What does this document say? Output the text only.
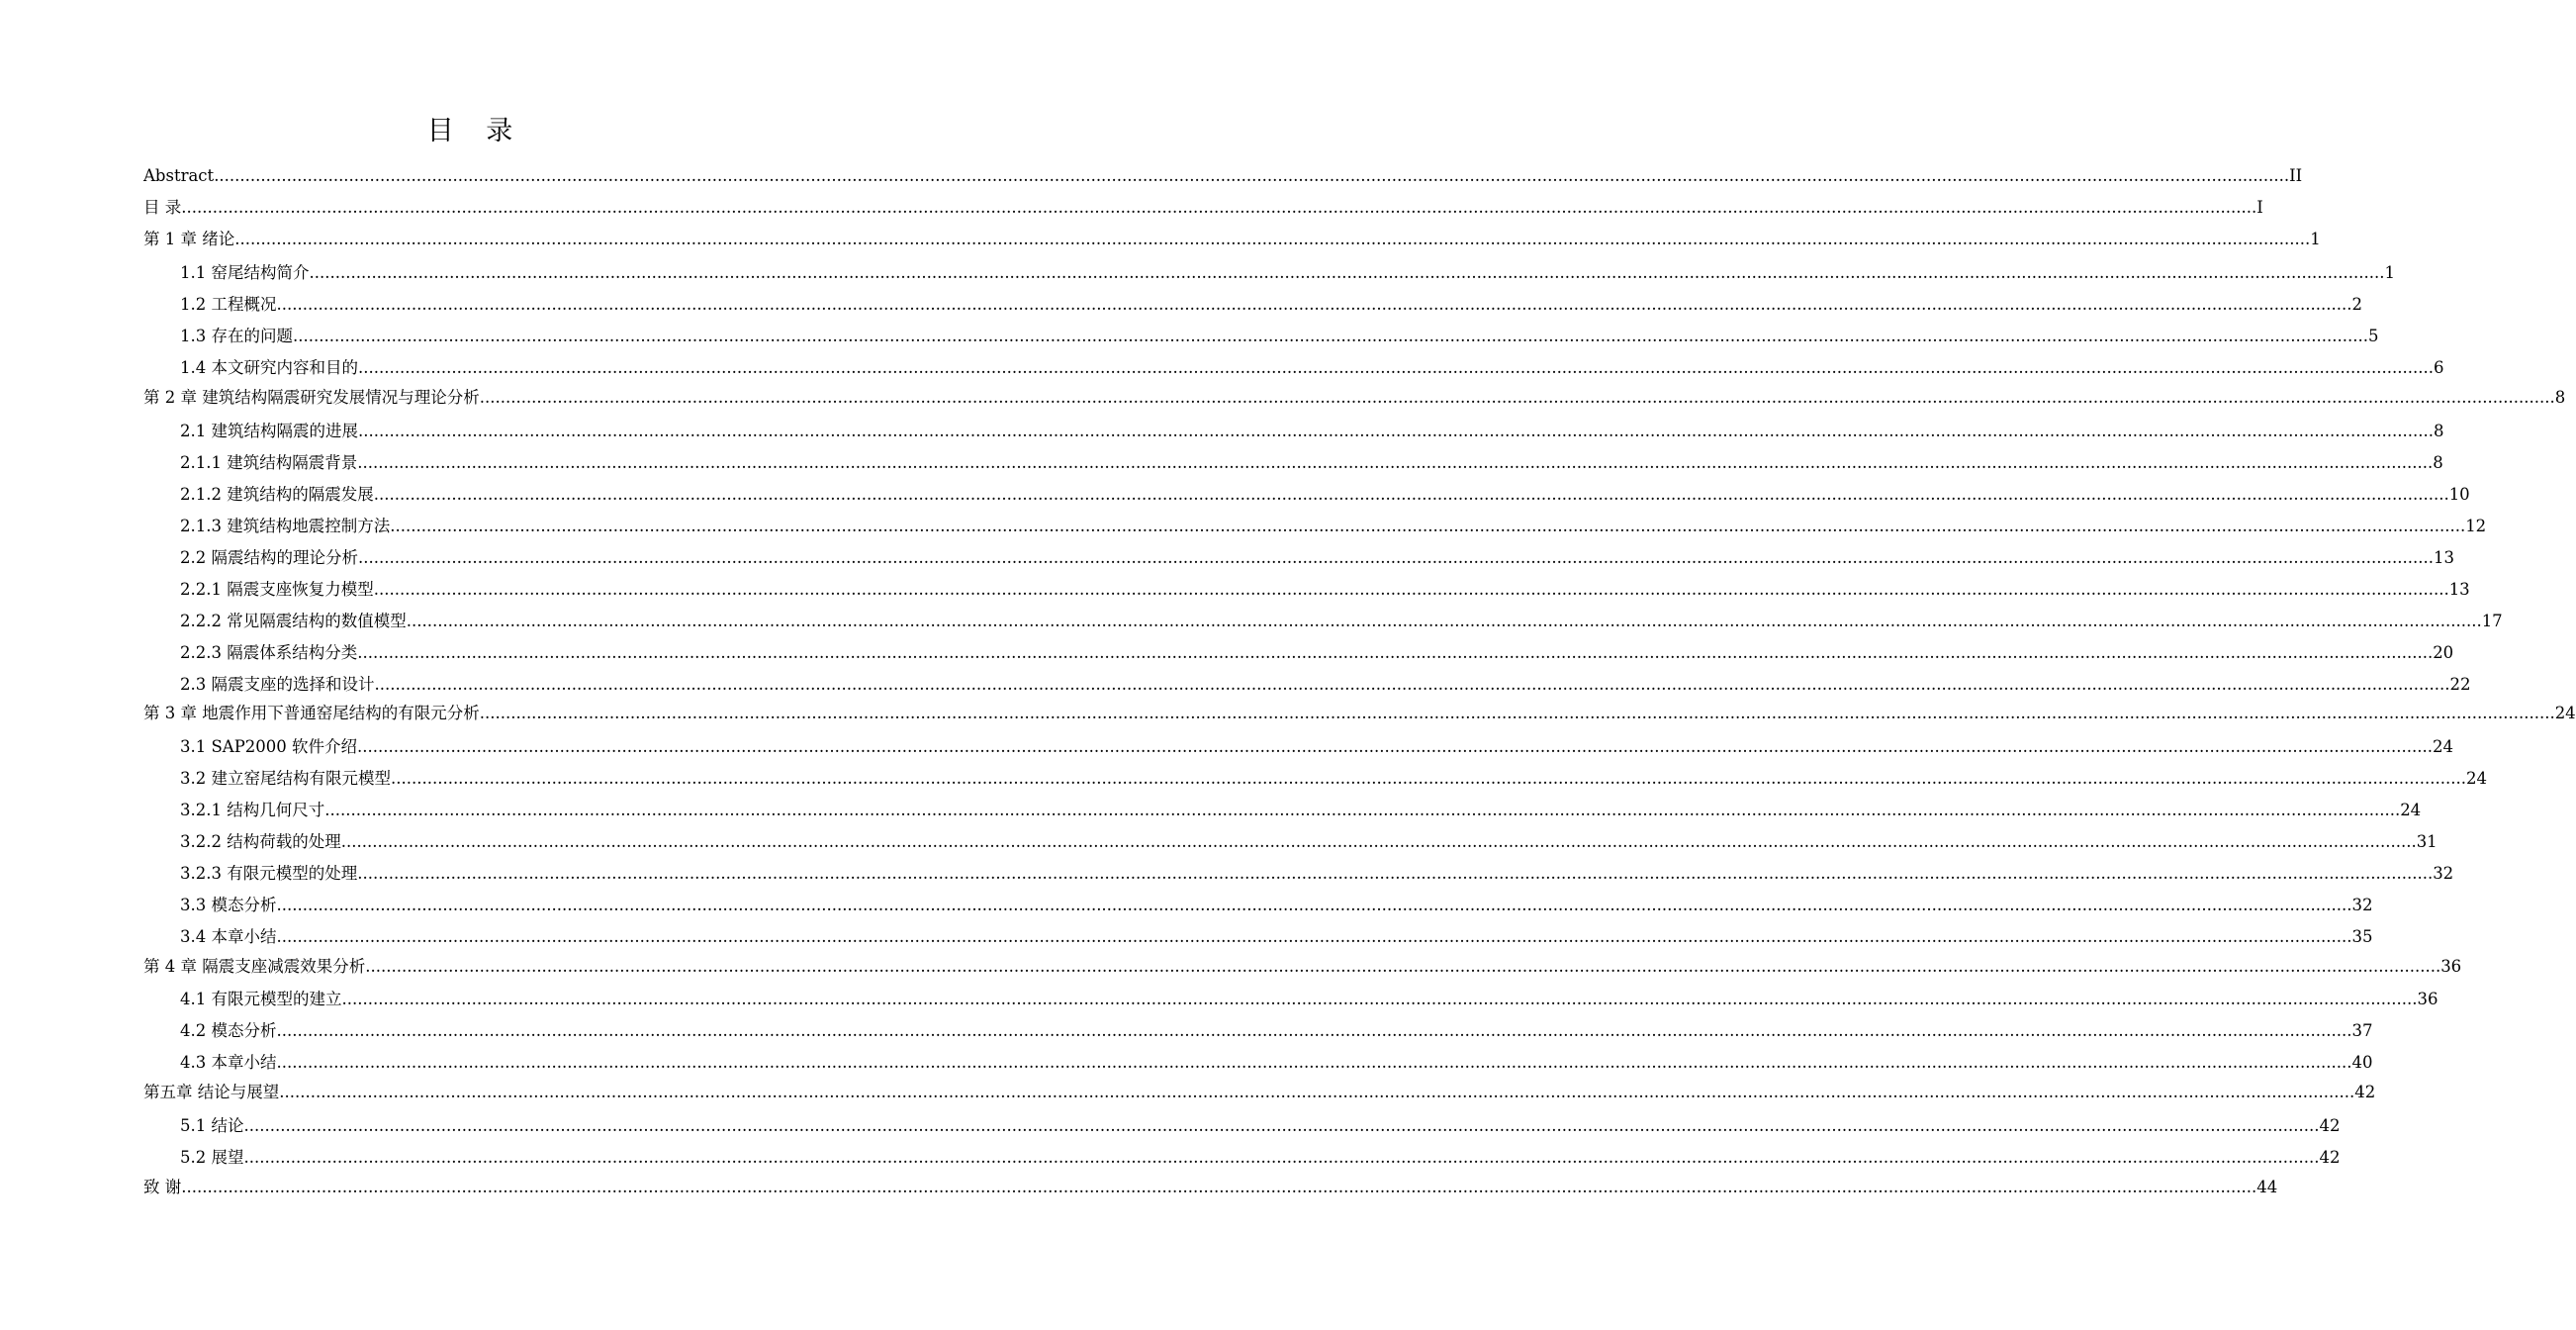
目 录
Abstract ................................................................................................................................................................................................................................................................................................................................................................................................................ II
目 录 ................................................................................................................................................................................................................................................................................................................................................................................................................ I
第 1 章 绪论 ................................................................................................................................................................................................................................................................................................................................................................................................................ 1
1.1 窑尾结构简介 ................................................................................................................................................................................................................................................................................................................................................................................................................ 1
1.2 工程概况 ................................................................................................................................................................................................................................................................................................................................................................................................................ 2
1.3 存在的问题 ................................................................................................................................................................................................................................................................................................................................................................................................................ 5
1.4 本文研究内容和目的 ................................................................................................................................................................................................................................................................................................................................................................................................................ 6
第 2 章 建筑结构隔震研究发展情况与理论分析 ................................................................................................................................................................................................................................................................................................................................................................................................................ 8
2.1 建筑结构隔震的进展 ................................................................................................................................................................................................................................................................................................................................................................................................................ 8
2.1.1 建筑结构隔震背景 ................................................................................................................................................................................................................................................................................................................................................................................................................ 8
2.1.2 建筑结构的隔震发展 ................................................................................................................................................................................................................................................................................................................................................................................................................ 10
2.1.3 建筑结构地震控制方法 ................................................................................................................................................................................................................................................................................................................................................................................................................ 12
2.2 隔震结构的理论分析 ................................................................................................................................................................................................................................................................................................................................................................................................................ 13
2.2.1 隔震支座恢复力模型 ................................................................................................................................................................................................................................................................................................................................................................................................................ 13
2.2.2 常见隔震结构的数值模型 ................................................................................................................................................................................................................................................................................................................................................................................................................ 17
2.2.3 隔震体系结构分类 ................................................................................................................................................................................................................................................................................................................................................................................................................ 20
2.3 隔震支座的选择和设计 ................................................................................................................................................................................................................................................................................................................................................................................................................ 22
第 3 章 地震作用下普通窑尾结构的有限元分析 ................................................................................................................................................................................................................................................................................................................................................................................................................ 24
3.1 SAP2000 软件介绍 ................................................................................................................................................................................................................................................................................................................................................................................................................ 24
3.2 建立窑尾结构有限元模型 ................................................................................................................................................................................................................................................................................................................................................................................................................ 24
3.2.1 结构几何尺寸 ................................................................................................................................................................................................................................................................................................................................................................................................................ 24
3.2.2 结构荷载的处理 ................................................................................................................................................................................................................................................................................................................................................................................................................ 31
3.2.3 有限元模型的处理 ................................................................................................................................................................................................................................................................................................................................................................................................................ 32
3.3 模态分析 ................................................................................................................................................................................................................................................................................................................................................................................................................ 32
3.4 本章小结 ................................................................................................................................................................................................................................................................................................................................................................................................................ 35
第 4 章 隔震支座减震效果分析 ................................................................................................................................................................................................................................................................................................................................................................................................................ 36
4.1 有限元模型的建立 ................................................................................................................................................................................................................................................................................................................................................................................................................ 36
4.2 模态分析 ................................................................................................................................................................................................................................................................................................................................................................................................................ 37
4.3 本章小结 ................................................................................................................................................................................................................................................................................................................................................................................................................ 40
第五章 结论与展望 ................................................................................................................................................................................................................................................................................................................................................................................................................ 42
5.1 结论 ................................................................................................................................................................................................................................................................................................................................................................................................................ 42
5.2 展望 ................................................................................................................................................................................................................................................................................................................................................................................................................ 42
致 谢 ................................................................................................................................................................................................................................................................................................................................................................................................................ 44
